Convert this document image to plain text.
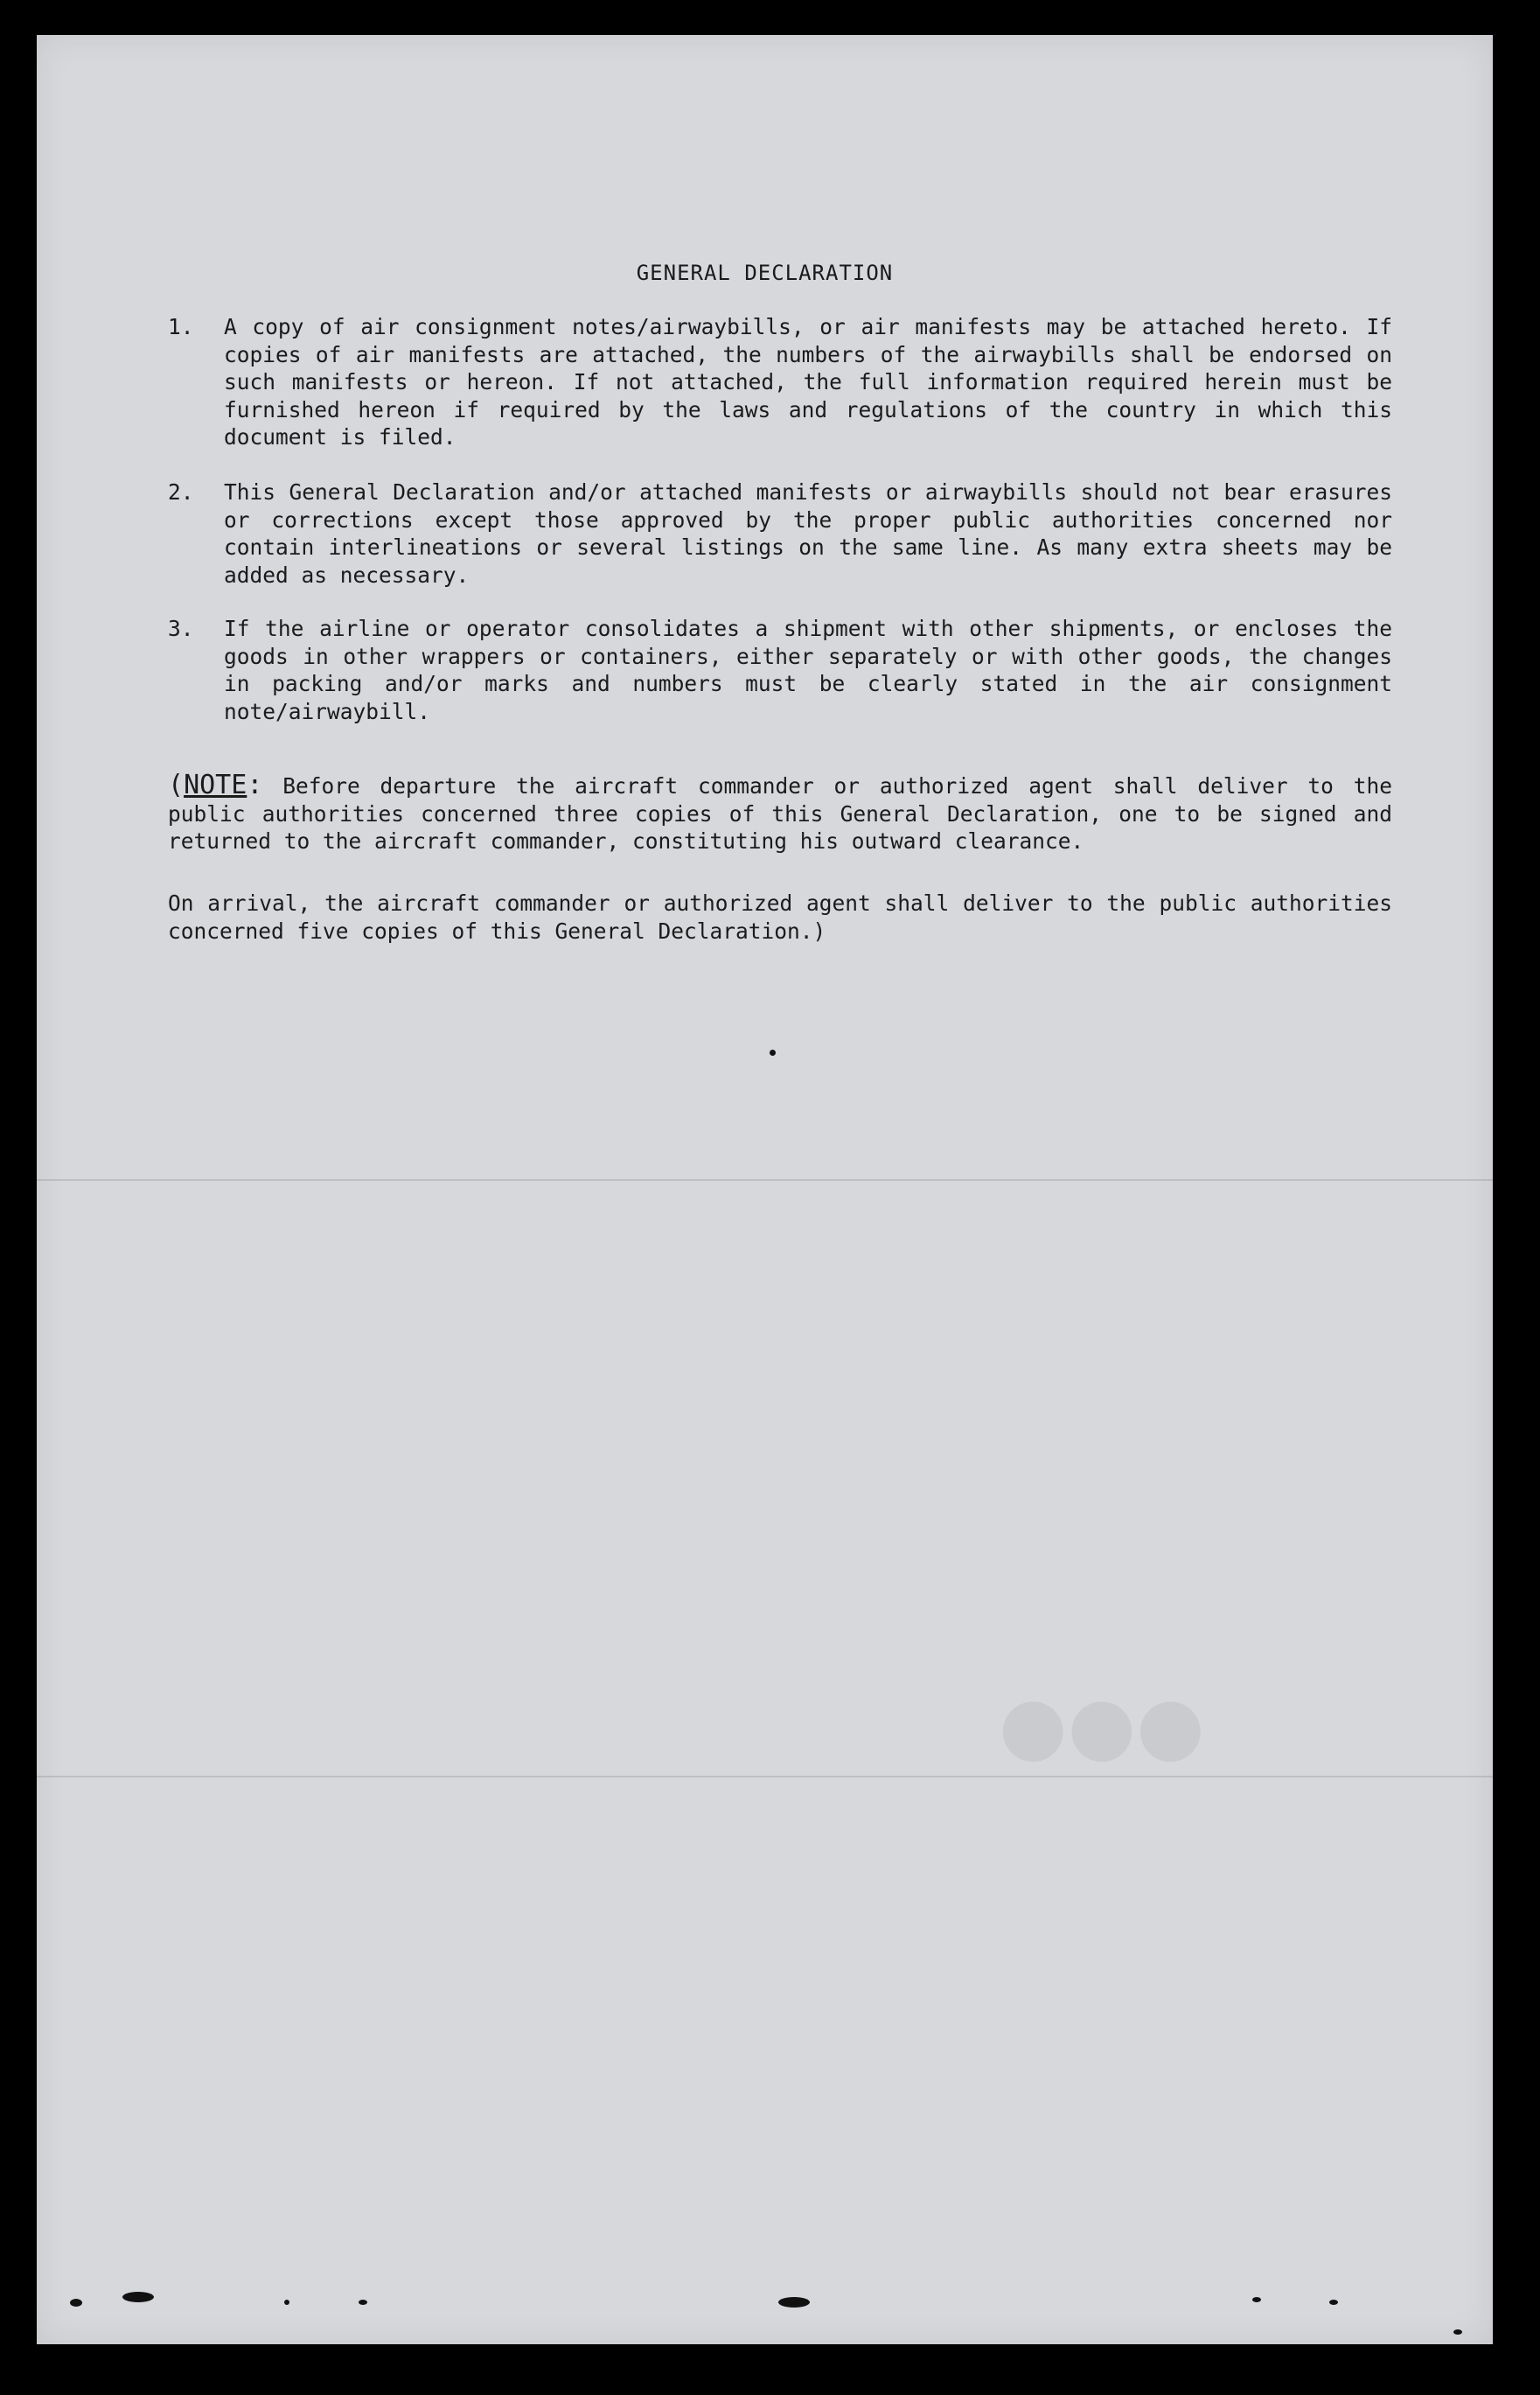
●●●
GENERAL DECLARATION
1. A copy of air consignment notes/airwaybills, or air manifests may be attached hereto. If copies of air manifests are attached, the numbers of the airwaybills shall be endorsed on such manifests or hereon. If not attached, the full information required herein must be furnished hereon if required by the laws and regulations of the country in which this document is filed.
2. This General Declaration and/or attached manifests or airwaybills should not bear erasures or corrections except those approved by the proper public authorities concerned nor contain interlineations or several listings on the same line. As many extra sheets may be added as necessary.
3. If the airline or operator consolidates a shipment with other shipments, or encloses the goods in other wrappers or containers, either separately or with other goods, the changes in packing and/or marks and numbers must be clearly stated in the air consignment note/airwaybill.
(NOTE: Before departure the aircraft commander or authorized agent shall deliver to the public authorities concerned three copies of this General Declaration, one to be signed and returned to the aircraft commander, constituting his outward clearance.
On arrival, the aircraft commander or authorized agent shall deliver to the public authorities concerned five copies of this General Declaration.)
